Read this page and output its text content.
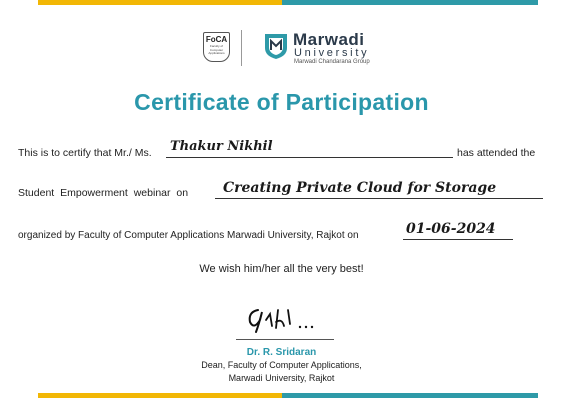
FoCA
Faculty of Computer Applications
Marwadi
University
Marwadi Chandarana Group
Certificate of Participation
This is to certify that Mr./ Ms. Thakur Nikhil	has attended the
Student Empowerment webinar on Creating Private Cloud for Storage
organized by Faculty of Computer Applications Marwadi University, Rajkot on	01-06-2024
We wish him/her all the very best!
Dr. R. Sridaran
Dean, Faculty of Computer Applications,
Marwadi University, Rajkot
